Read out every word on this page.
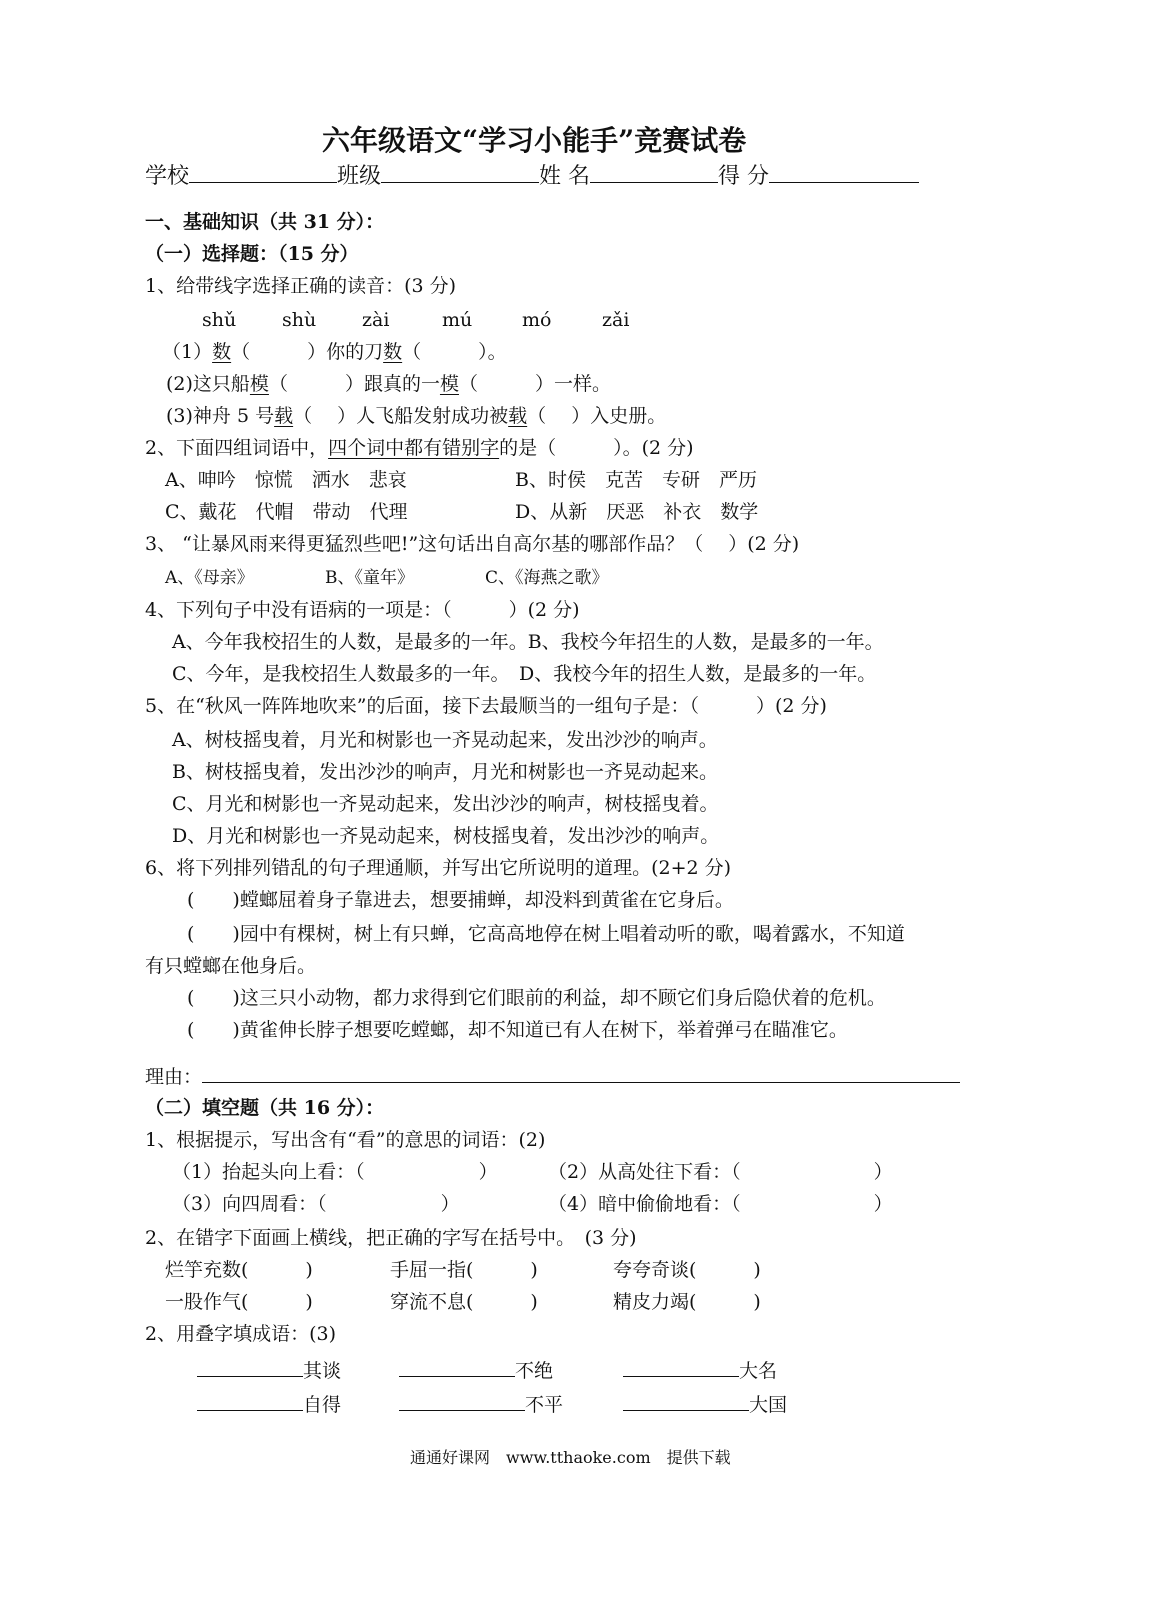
六年级语文“学习小能手”竞赛试卷
学校	班级	姓 名	得 分
一、基础知识（共 31 分）：
（一）选择题：（15 分）
1、给带线字选择正确的读音：(3 分)
shǔ shù zài	mú	mó	zǎi
（1）数（　　　）你的刀数（　　　）。
(2)这只船模（　　　）跟真的一模（　　　）一样。
(3)神舟 5 号载（　 ）人飞船发射成功被载（　 ）入史册。
2、下面四组词语中，四个词中都有错别字的是（　　　）。(2 分)
A、呻吟　惊慌　洒水　悲哀	B、时侯　克苦　专研　严历
C、戴花　代帽　带动　代理	D、从新　厌恶　补衣　数学
3、 “让暴风雨来得更猛烈些吧!”这句话出自高尔基的哪部作品？（　 ）(2 分)
A、《母亲》	B、《童年》	C、《海燕之歌》
4、下列句子中没有语病的一项是：（　　　）(2 分)
A、今年我校招生的人数，是最多的一年。B、我校今年招生的人数，是最多的一年。
C、今年，是我校招生人数最多的一年。　D、我校今年的招生人数，是最多的一年。
5、在“秋风一阵阵地吹来”的后面，接下去最顺当的一组句子是：（　　　）(2 分)
A、树枝摇曳着，月光和树影也一齐晃动起来，发出沙沙的响声。
B、树枝摇曳着，发出沙沙的响声，月光和树影也一齐晃动起来。
C、月光和树影也一齐晃动起来，发出沙沙的响声，树枝摇曳着。
D、月光和树影也一齐晃动起来，树枝摇曳着，发出沙沙的响声。
6、将下列排列错乱的句子理通顺，并写出它所说明的道理。(2+2 分)
(　　)螳螂屈着身子靠进去，想要捕蝉，却没料到黄雀在它身后。
(　　)园中有棵树，树上有只蝉，它高高地停在树上唱着动听的歌，喝着露水，不知道
有只螳螂在他身后。
(　　)这三只小动物，都力求得到它们眼前的利益，却不顾它们身后隐伏着的危机。
(　　)黄雀伸长脖子想要吃螳螂，却不知道已有人在树下，举着弹弓在瞄准它。
理由：
（二）填空题（共 16 分）：
1、根据提示，写出含有“看”的意思的词语：(2)
（1）抬起头向上看：（　　　　　　）	（2）从高处往下看：（　　　　　　　）
（3）向四周看：（　　　　　　）	（4）暗中偷偷地看：（　　　　　　　）
2、在错字下面画上横线，把正确的字写在括号中。　(3 分)
烂竽充数(　　　)	手屈一指(　　　)	夸夸奇谈(　　　)
一股作气(　　　)	穿流不息(　　　)	精皮力竭(　　　)
2、用叠字填成语：(3)
其谈	不绝	大名
自得	不平	大国
通通好课网　www.tthaoke.com　提供下载
